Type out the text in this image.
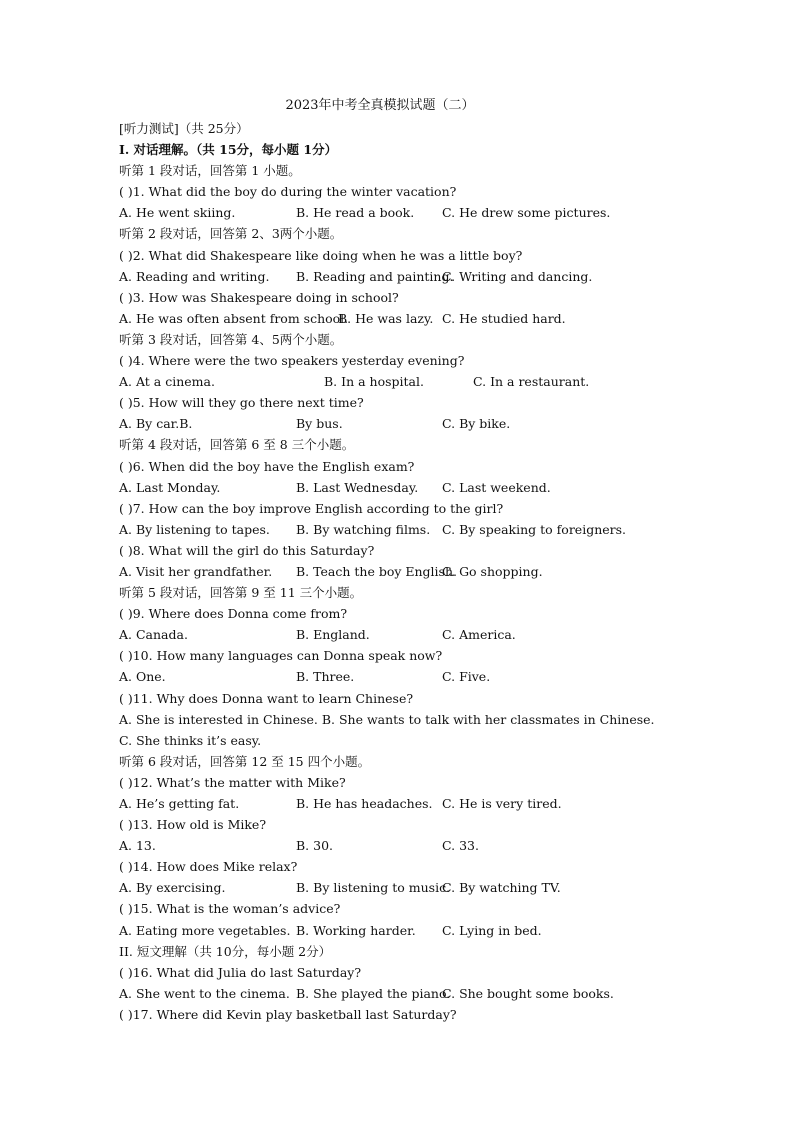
2023年中考全真模拟试题（二）
[听力测试]（共 25分）
I. 对话理解。（共 15分，每小题 1分）
听第 1 段对话，回答第 1 小题。
( )1. What did the boy do during the winter vacation?
A. He went skiing.	B. He read a book. C. He drew some pictures.
听第 2 段对话，回答第 2、3两个小题。
( )2. What did Shakespeare like doing when he was a little boy?
A. Reading and writing. B. Reading and painting.
C. Writing and dancing.
( )3. How was Shakespeare doing in school?
A. He was often absent from school.
B. He was lazy. C. He studied hard.
听第 3 段对话，回答第 4、5两个小题。
( )4. Where were the two speakers yesterday evening?
A. At a cinema.	B. In a hospital.	C. In a restaurant.
( )5. How will they go there next time?
A. By car.B.	By bus.	C. By bike.
听第 4 段对话，回答第 6 至 8 三个小题。
( )6. When did the boy have the English exam?
A. Last Monday.	B. Last Wednesday. C. Last weekend.
( )7. How can the boy improve English according to the girl?
A. By listening to tapes. B. By watching films. C. By speaking to foreigners.
( )8. What will the girl do this Saturday?
A. Visit her grandfather. B. Teach the boy English.
C. Go shopping.
听第 5 段对话，回答第 9 至 11 三个小题。
( )9. Where does Donna come from?
A. Canada.	B. England.	C. America.
( )10. How many languages can Donna speak now?
A. One.	B. Three.	C. Five.
( )11. Why does Donna want to learn Chinese?
A. She is interested in Chinese. B. She wants to talk with her classmates in Chinese.
C. She thinks it’s easy.
听第 6 段对话，回答第 12 至 15 四个小题。
( )12. What’s the matter with Mike?
A. He’s getting fat.	B. He has headaches. C. He is very tired.
( )13. How old is Mike?
A. 13.	B. 30.	C. 33.
( )14. How does Mike relax?
A. By exercising.	B. By listening to music.
C. By watching TV.
( )15. What is the woman’s advice?
A. Eating more vegetables. B. Working harder. C. Lying in bed.
II. 短文理解（共 10分，每小题 2分）
( )16. What did Julia do last Saturday?
A. She went to the cinema. B. She played the piano.
C. She bought some books.
( )17. Where did Kevin play basketball last Saturday?
